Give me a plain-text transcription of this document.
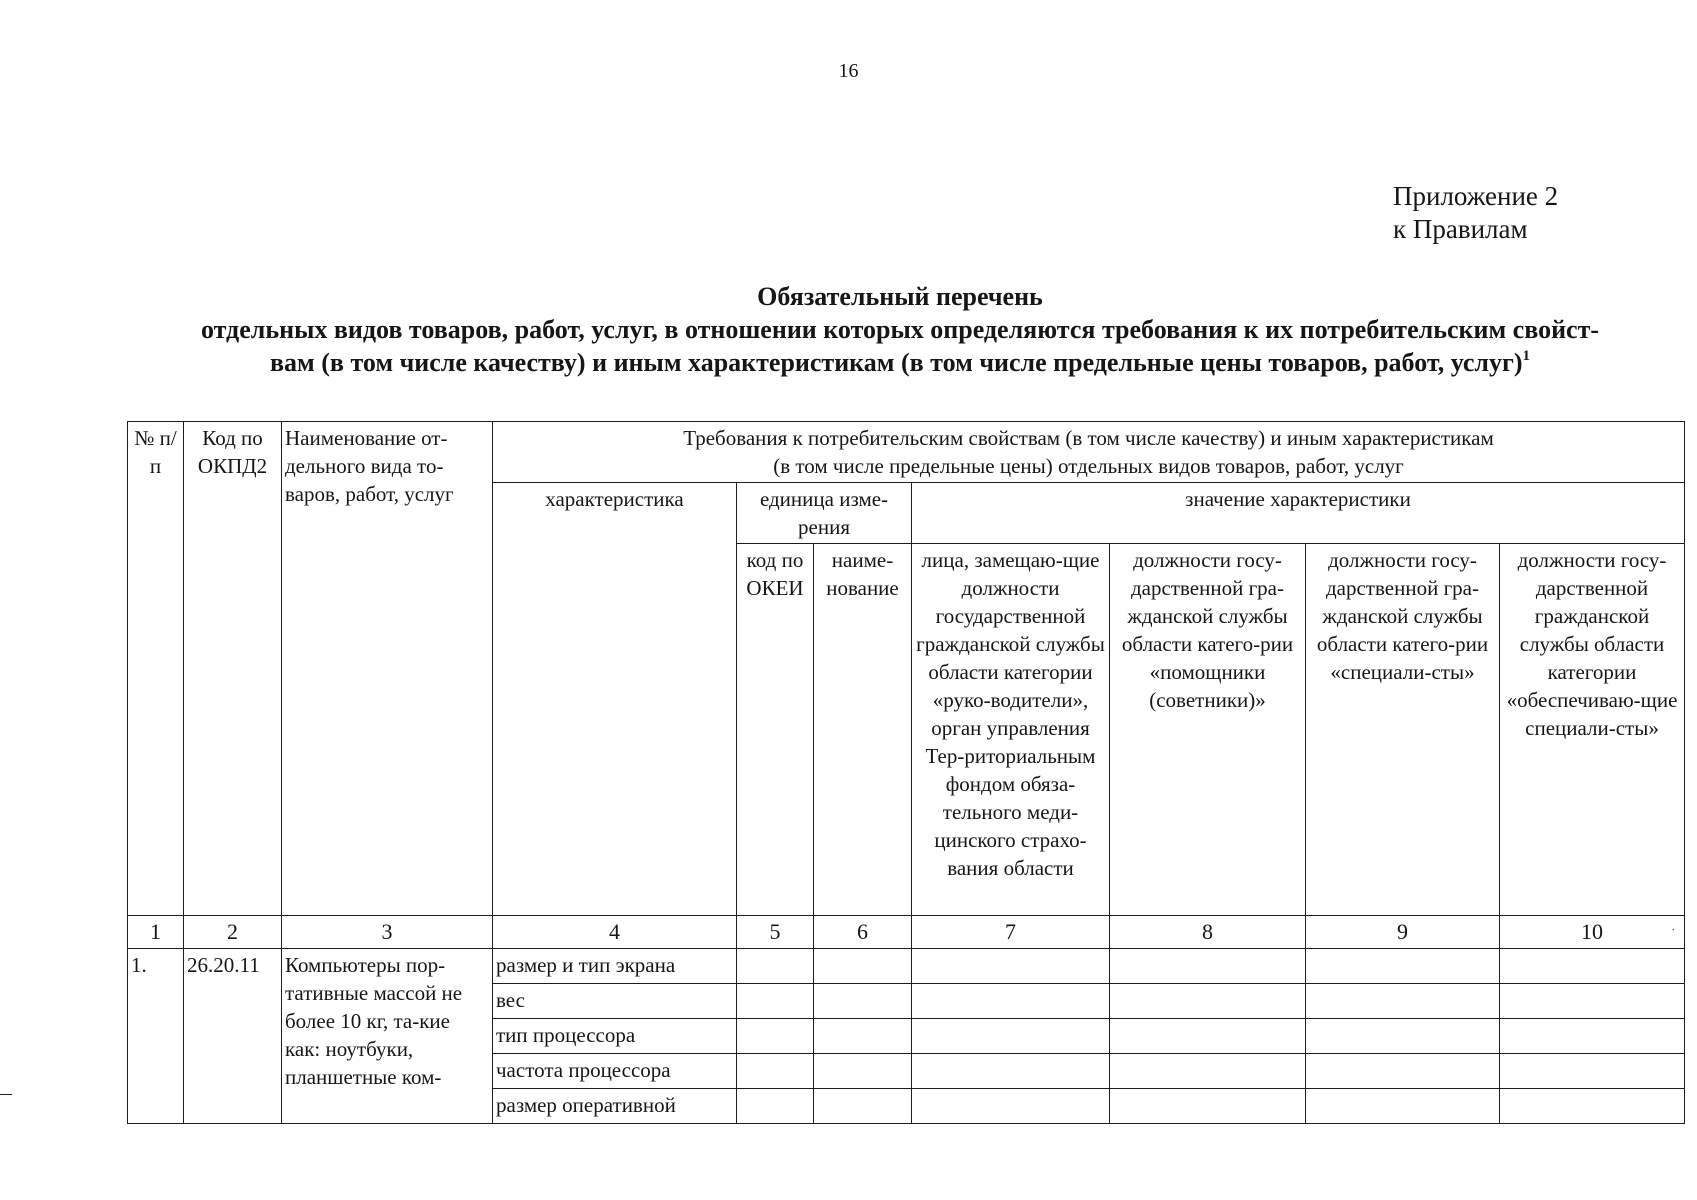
16
Приложение 2
к Правилам
Обязательный перечень
отдельных видов товаров, работ, услуг, в отношении которых определяются требования к их потребительским свойст-
вам (в том числе качеству) и иным характеристикам (в том числе предельные цены товаров, работ, услуг)$^1$
˙
№ п/п	Код по ОКПД2	Наименование от-дельного вида то-варов, работ, услуг	Требования к потребительским свойствам (в том числе качеству) и иным характеристикам
(в том числе предельные цены) отдельных видов товаров, работ, услуг						

			характеристика	единица изме-рения		значение характеристики			
				код по ОКЕИ	наиме-нование	лица, замещаю-щие должности государственной гражданской службы области категории «руко-водители», орган управления Тер-риториальным фондом обяза-тельного меди-цинского страхо-вания области	должности госу-дарственной гра-жданской службы области катего-рии «помощники (советники)»	должности госу-дарственной гра-жданской службы области катего-рии «специали-сты»	должности госу-дарственной гражданской службы области категории «обеспечиваю-щие специали-сты»
1	2	3	4	5	6	7	8	9	10
1.	26.20.11	Компьютеры пор-тативные массой не более 10 кг, та-кие как: ноутбуки, планшетные ком-	размер и тип экрана						
			вес						
			тип процессора						
			частота процессора						
			размер оперативной						
